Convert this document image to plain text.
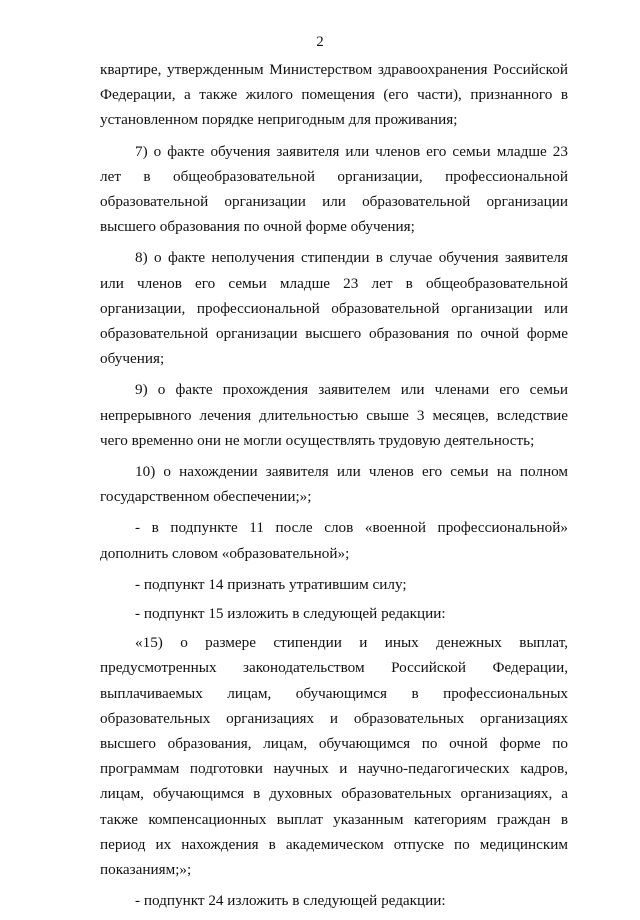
2

квартире, утвержденным Министерством здравоохранения Российской Федерации, а также жилого помещения (его части), признанного в установленном порядке непригодным для проживания;

7) о факте обучения заявителя или членов его семьи младше 23 лет в общеобразовательной организации, профессиональной образовательной организации или образовательной организации высшего образования по очной форме обучения;

8) о факте неполучения стипендии в случае обучения заявителя или членов его семьи младше 23 лет в общеобразовательной организации, профессиональной образовательной организации или образовательной организации высшего образования по очной форме обучения;

9) о факте прохождения заявителем или членами его семьи непрерывного лечения длительностью свыше 3 месяцев, вследствие чего временно они не могли осуществлять трудовую деятельность;

10) о нахождении заявителя или членов его семьи на полном государственном обеспечении;»;

- в подпункте 11 после слов «военной профессиональной» дополнить словом «образовательной»;

- подпункт 14 признать утратившим силу;

- подпункт 15 изложить в следующей редакции:

«15) о размере стипендии и иных денежных выплат, предусмотренных законодательством Российской Федерации, выплачиваемых лицам, обучающимся в профессиональных образовательных организациях и образовательных организациях высшего образования, лицам, обучающимся по очной форме по программам подготовки научных и научно-педагогических кадров, лицам, обучающимся в духовных образовательных организациях, а также компенсационных выплат указанным категориям граждан в период их нахождения в академическом отпуске по медицинским показаниям;»;

- подпункт 24 изложить в следующей редакции:
